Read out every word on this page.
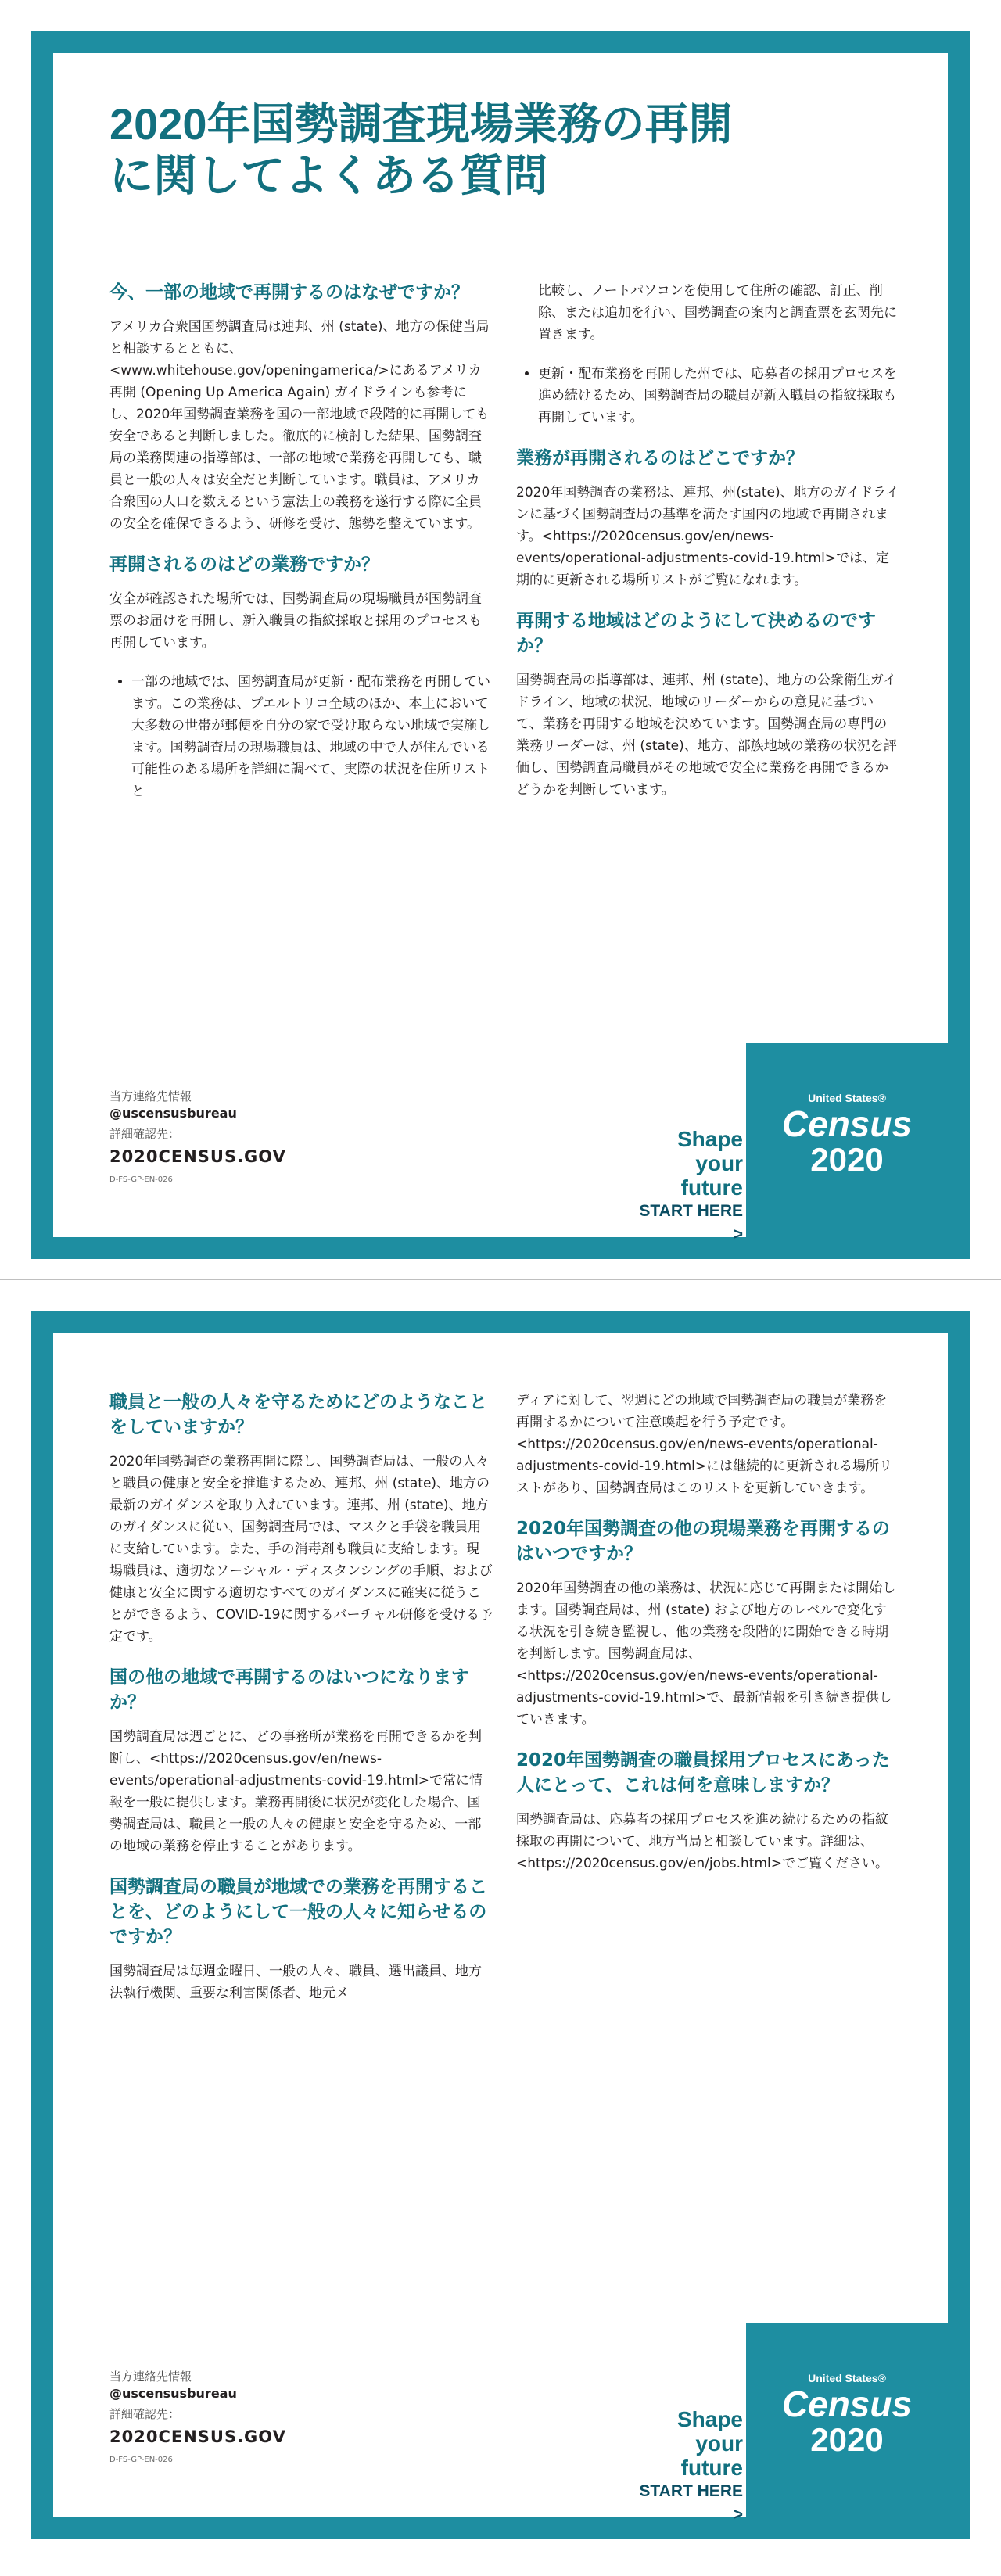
2020年国勢調査現場業務の再開
に関してよくある質問
今、一部の地域で再開するのはなぜですか？

アメリカ合衆国国勢調査局は連邦、州 (state)、地方の保健当局と相談するとともに、<www.whitehouse.gov/openingamerica/>にあるアメリカ再開 (Opening Up America Again) ガイドラインも参考にし、2020年国勢調査業務を国の一部地域で段階的に再開しても安全であると判断しました。徹底的に検討した結果、国勢調査局の業務関連の指導部は、一部の地域で業務を再開しても、職員と一般の人々は安全だと判断しています。職員は、アメリカ合衆国の人口を数えるという憲法上の義務を遂行する際に全員の安全を確保できるよう、研修を受け、態勢を整えています。

再開されるのはどの業務ですか？

安全が確認された場所では、国勢調査局の現場職員が国勢調査票のお届けを再開し、新入職員の指紋採取と採用のプロセスも再開しています。

• 一部の地域では、国勢調査局が更新・配布業務を再開しています。この業務は、プエルトリコ全域のほか、本土において大多数の世帯が郵便を自分の家で受け取らない地域で実施します。国勢調査局の現場職員は、地域の中で人が住んでいる可能性のある場所を詳細に調べて、実際の状況を住所リストと

比較し、ノートパソコンを使用して住所の確認、訂正、削除、または追加を行い、国勢調査の案内と調査票を玄関先に置きます。

• 更新・配布業務を再開した州では、応募者の採用プロセスを進め続けるため、国勢調査局の職員が新入職員の指紋採取も再開しています。
業務が再開されるのはどこですか？

2020年国勢調査の業務は、連邦、州(state)、地方のガイドラインに基づく国勢調査局の基準を満たす国内の地域で再開されます。<https://2020census.gov/en/news-events/operational-adjustments-covid-19.html>では、定期的に更新される場所リストがご覧になれます。

再開する地域はどのようにして決めるのですか？

国勢調査局の指導部は、連邦、州 (state)、地方の公衆衛生ガイドライン、地域の状況、地域のリーダーからの意見に基づいて、業務を再開する地域を決めています。国勢調査局の専門の業務リーダーは、州 (state)、地方、部族地域の業務の状況を評価し、国勢調査局職員がその地域で安全に業務を再開できるかどうかを判断しています。

当方連絡先情報
@uscensusbureau
詳細確認先：
2020CENSUS.GOV
D-FS-GP-EN-026
Shape
your future
START HERE >
United States®
Census
2020
職員と一般の人々を守るためにどのようなことをしていますか？

2020年国勢調査の業務再開に際し、国勢調査局は、一般の人々と職員の健康と安全を推進するため、連邦、州 (state)、地方の最新のガイダンスを取り入れています。連邦、州 (state)、地方のガイダンスに従い、国勢調査局では、マスクと手袋を職員用に支給しています。また、手の消毒剤も職員に支給します。現場職員は、適切なソーシャル・ディスタンシングの手順、および健康と安全に関する適切なすべてのガイダンスに確実に従うことができるよう、COVID-19に関するバーチャル研修を受ける予定です。

国の他の地域で再開するのはいつになりますか？

国勢調査局は週ごとに、どの事務所が業務を再開できるかを判断し、<https://2020census.gov/en/news-events/operational-adjustments-covid-19.html>で常に情報を一般に提供します。業務再開後に状況が変化した場合、国勢調査局は、職員と一般の人々の健康と安全を守るため、一部の地域の業務を停止することがあります。

国勢調査局の職員が地域での業務を再開することを、どのようにして一般の人々に知らせるのですか？

国勢調査局は毎週金曜日、一般の人々、職員、選出議員、地方法執行機関、重要な利害関係者、地元メ

ディアに対して、翌週にどの地域で国勢調査局の職員が業務を再開するかについて注意喚起を行う予定です。<https://2020census.gov/en/news-events/operational-adjustments-covid-19.html>には継続的に更新される場所リストがあり、国勢調査局はこのリストを更新していきます。

2020年国勢調査の他の現場業務を再開するのはいつですか？

2020年国勢調査の他の業務は、状況に応じて再開または開始します。国勢調査局は、州 (state) および地方のレベルで変化する状況を引き続き監視し、他の業務を段階的に開始できる時期を判断します。国勢調査局は、<https://2020census.gov/en/news-events/operational-adjustments-covid-19.html>で、最新情報を引き続き提供していきます。

2020年国勢調査の職員採用プロセスにあった人にとって、これは何を意味しますか？

国勢調査局は、応募者の採用プロセスを進め続けるための指紋採取の再開について、地方当局と相談しています。詳細は、<https://2020census.gov/en/jobs.html>でご覧ください。

当方連絡先情報
@uscensusbureau
詳細確認先：
2020CENSUS.GOV
D-FS-GP-EN-026
Shape
your future
START HERE >
United States®
Census
2020
